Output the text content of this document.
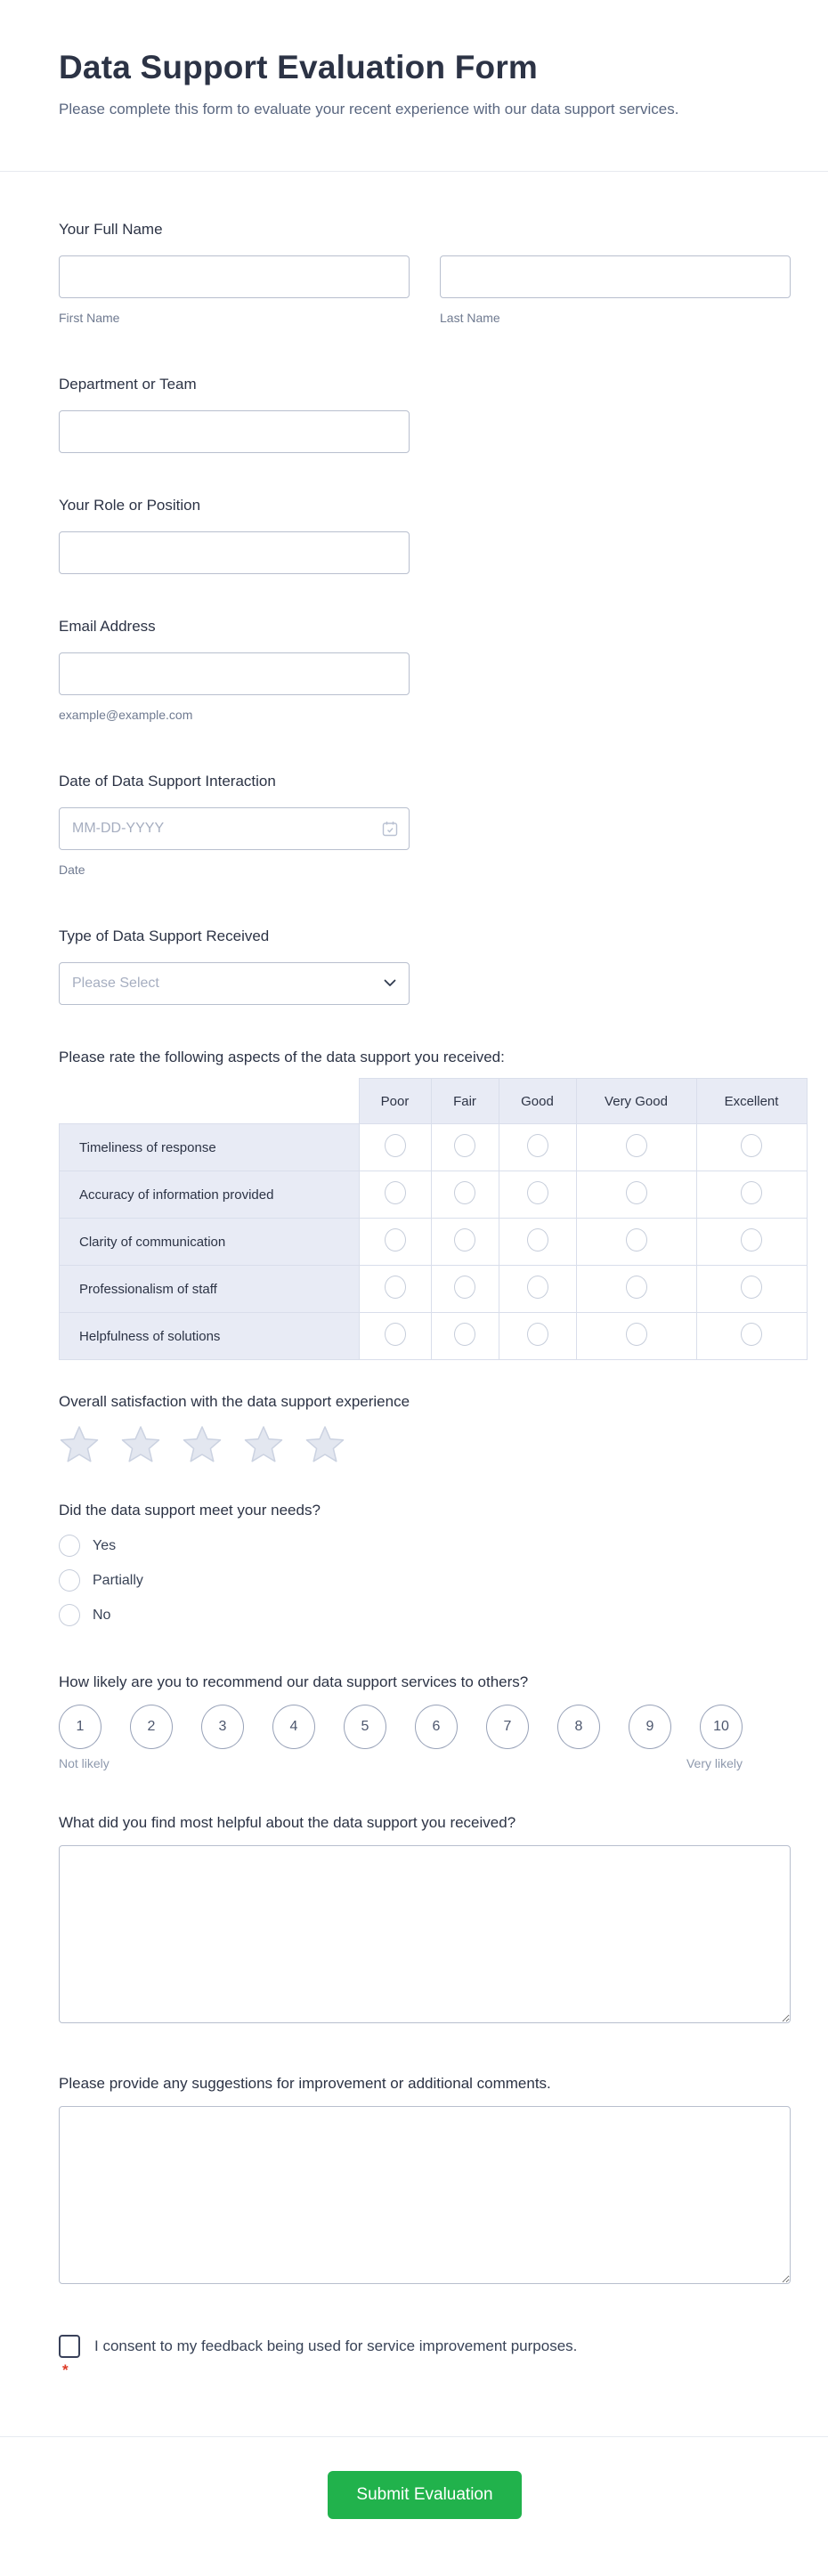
Data Support Evaluation Form

Please complete this form to evaluate your recent experience with our data support services.

Your Full Name

First Name	Last Name

Department or Team

Your Role or Position

Email Address

example@example.com

Date of Data Support Interaction

MM-DD-YYYY
Date

Type of Data Support Received

Please Select

Please rate the following aspects of the data support you received:

	Poor	Fair	Good	Very Good	Excellent
Timeliness of response					
Accuracy of information provided					
Clarity of communication					
Professionalism of staff					
Helpfulness of solutions					

Overall satisfaction with the data support experience

Did the data support meet your needs?

Yes
Partially
No

How likely are you to recommend our data support services to others?

1	2	3	4	5	6	7	8	9	10
Not likely	Very likely

What did you find most helpful about the data support you received?

Please provide any suggestions for improvement or additional comments.

I consent to my feedback being used for service improvement purposes.
*
Submit Evaluation
